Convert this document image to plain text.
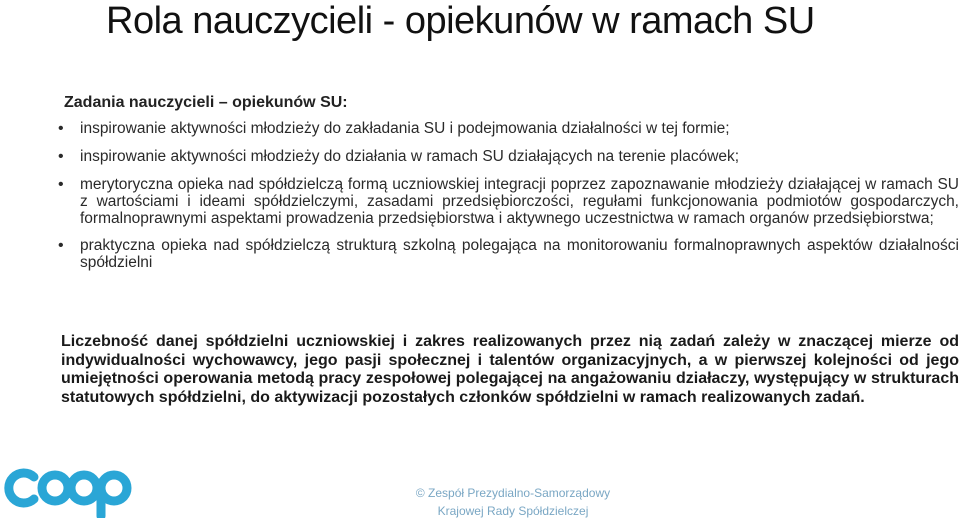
Rola nauczycieli - opiekunów w ramach SU
Zadania nauczycieli – opiekunów SU:
• inspirowanie aktywności młodzieży do zakładania SU i podejmowania działalności w tej formie;
• inspirowanie aktywności młodzieży do działania w ramach SU działających na terenie placówek;
• merytoryczna opieka nad spółdzielczą formą uczniowskiej integracji poprzez zapoznawanie młodzieży działającej w ramach SU z wartościami i ideami spółdzielczymi, zasadami przedsiębiorczości, regułami funkcjonowania podmiotów gospodarczych, formalnoprawnymi aspektami prowadzenia przedsiębiorstwa i aktywnego uczestnictwa w ramach organów przedsiębiorstwa;
• praktyczna opieka nad spółdzielczą strukturą szkolną polegająca na monitorowaniu formalnoprawnych aspektów działalności spółdzielni

Liczebność danej spółdzielni uczniowskiej i zakres realizowanych przez nią zadań zależy w znaczącej mierze od indywidualności wychowawcy, jego pasji społecznej i talentów organizacyjnych, a w pierwszej kolejności od jego umiejętności operowania metodą pracy zespołowej polegającej na angażowaniu działaczy, występujący w strukturach statutowych spółdzielni, do aktywizacji pozostałych członków spółdzielni w ramach realizowanych zadań.

© Zespół Prezydialno-Samorządowy
Krajowej Rady Spółdzielczej
